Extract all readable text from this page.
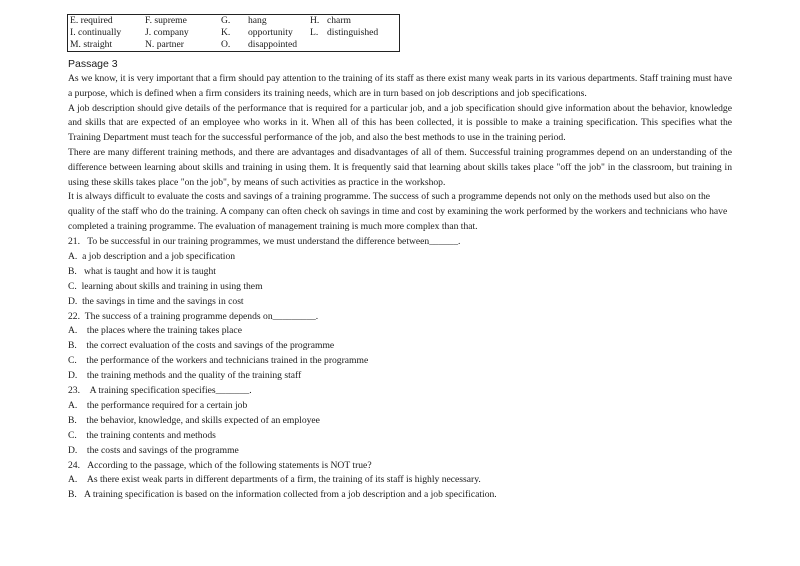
E. required	F. supreme	G.	hang	H.	charm
I. continually	J. company	K.	opportunity	L.	distinguished
M. straight	N. partner	O.	disappointed		
Passage 3

As we know, it is very important that a firm should pay attention to the training of its staff as there exist many weak parts in its various departments. Staff training must have a purpose, which is defined when a firm considers its training needs, which are in turn based on job descriptions and job specifications.

A job description should give details of the performance that is required for a particular job, and a job specification should give information about the behavior, knowledge and skills that are expected of an employee who works in it. When all of this has been collected, it is possible to make a training specification. This specifies what the Training Department must teach for the successful performance of the job, and also the best methods to use in the training period.

There are many different training methods, and there are advantages and disadvantages of all of them. Successful training programmes depend on an understanding of the difference between learning about skills and training in using them. It is frequently said that learning about skills takes place "off the job" in the classroom, but training in using these skills takes place "on the job", by means of such activities as practice in the workshop.

It is always difficult to evaluate the costs and savings of a training programme. The success of such a programme depends not only on the methods used but also on the quality of the staff who do the training. A company can often check oh savings in time and cost by examining the work performed by the workers and technicians who have completed a training programme. The evaluation of management training is much more complex than that.

21. To be successful in our training programmes, we must understand the difference between______.
A. a job description and a job specification
B. what is taught and how it is taught
C. learning about skills and training in using them
D. the savings in time and the savings in cost
22. The success of a training programme depends on_________.
A. the places where the training takes place
B. the correct evaluation of the costs and savings of the programme
C. the performance of the workers and technicians trained in the programme
D. the training methods and the quality of the training staff
23. A training specification specifies_______.
A. the performance required for a certain job
B. the behavior, knowledge, and skills expected of an employee
C. the training contents and methods
D. the costs and savings of the programme
24. According to the passage, which of the following statements is NOT true?
A. As there exist weak parts in different departments of a firm, the training of its staff is highly necessary.
B. A training specification is based on the information collected from a job description and a job specification.
